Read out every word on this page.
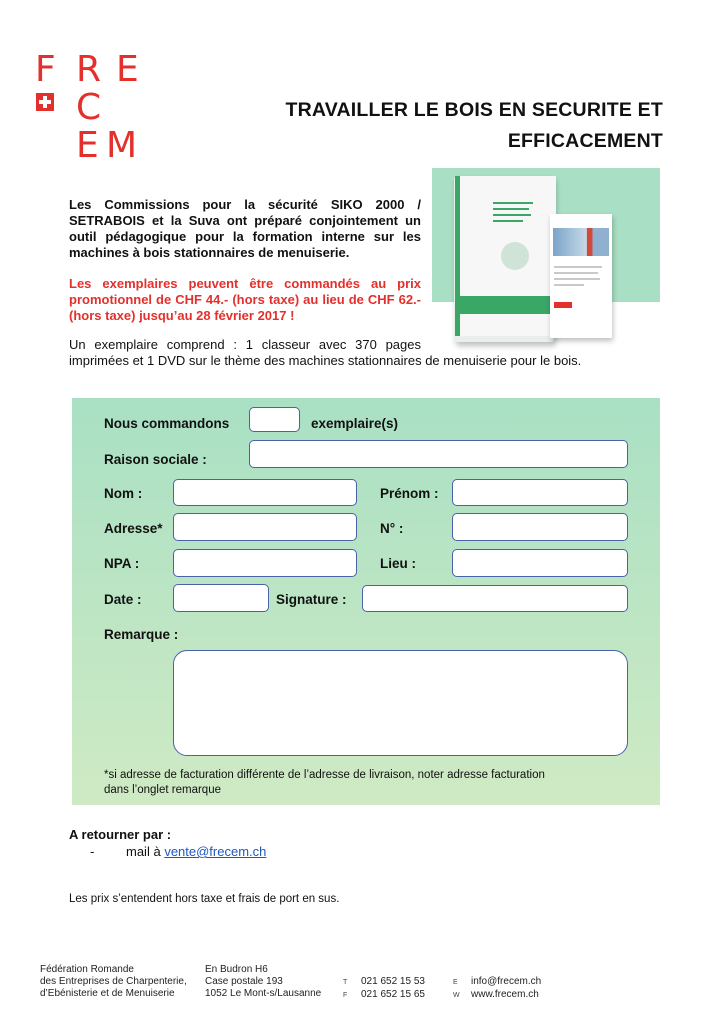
F R E
C
E M
TRAVAILLER LE BOIS EN SECURITE ET
EFFICACEMENT
Les Commissions pour la sécurité SIKO 2000 / SETRABOIS et la Suva ont préparé conjointement un outil pédagogique pour la formation interne sur les machines à bois stationnaires de menuiserie.
Les exemplaires peuvent être commandés au prix promotionnel de CHF 44.- (hors taxe) au lieu de CHF 62.- (hors taxe) jusqu’au 28 février 2017 !
Un exemplaire comprend : 1 classeur avec 370 pages
imprimées et 1 DVD sur le thème des machines stationnaires de menuiserie pour le bois.
Nous commandons	exemplaire(s)
Raison sociale :
Nom :	Prénom :
Adresse*	N° :
NPA :	Lieu :
Date :	Signature :
Remarque :
*si adresse de facturation différente de l’adresse de livraison, noter adresse facturation
dans l’onglet remarque
A retourner par :
- mail à vente@frecem.ch
Les prix s’entendent hors taxe et frais de port en sus.
Fédération Romande
des Entreprises de Charpenterie,
d’Ebénisterie et de Menuiserie
En Budron H6
Case postale 193
1052 Le Mont-s/Lausanne
T 021 652 15 53
F 021 652 15 65
E info@frecem.ch
W www.frecem.ch
